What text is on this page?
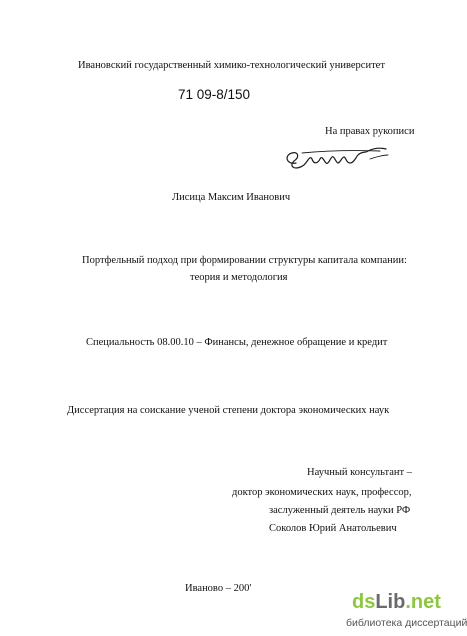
Ивановский государственный химико-технологический университет
71 09-8/150
На правах рукописи
Лисица Максим Иванович
Портфельный подход при формировании структуры капитала компании:
теория и методология
Специальность 08.00.10 – Финансы, денежное обращение и кредит
Диссертация на соискание ученой степени доктора экономических наук
Научный консультант –
доктор экономических наук, профессор,
заслуженный деятель науки РФ
Соколов Юрий Анатольевич
Иваново – 200'
dsLib.net
библиотека диссертаций
